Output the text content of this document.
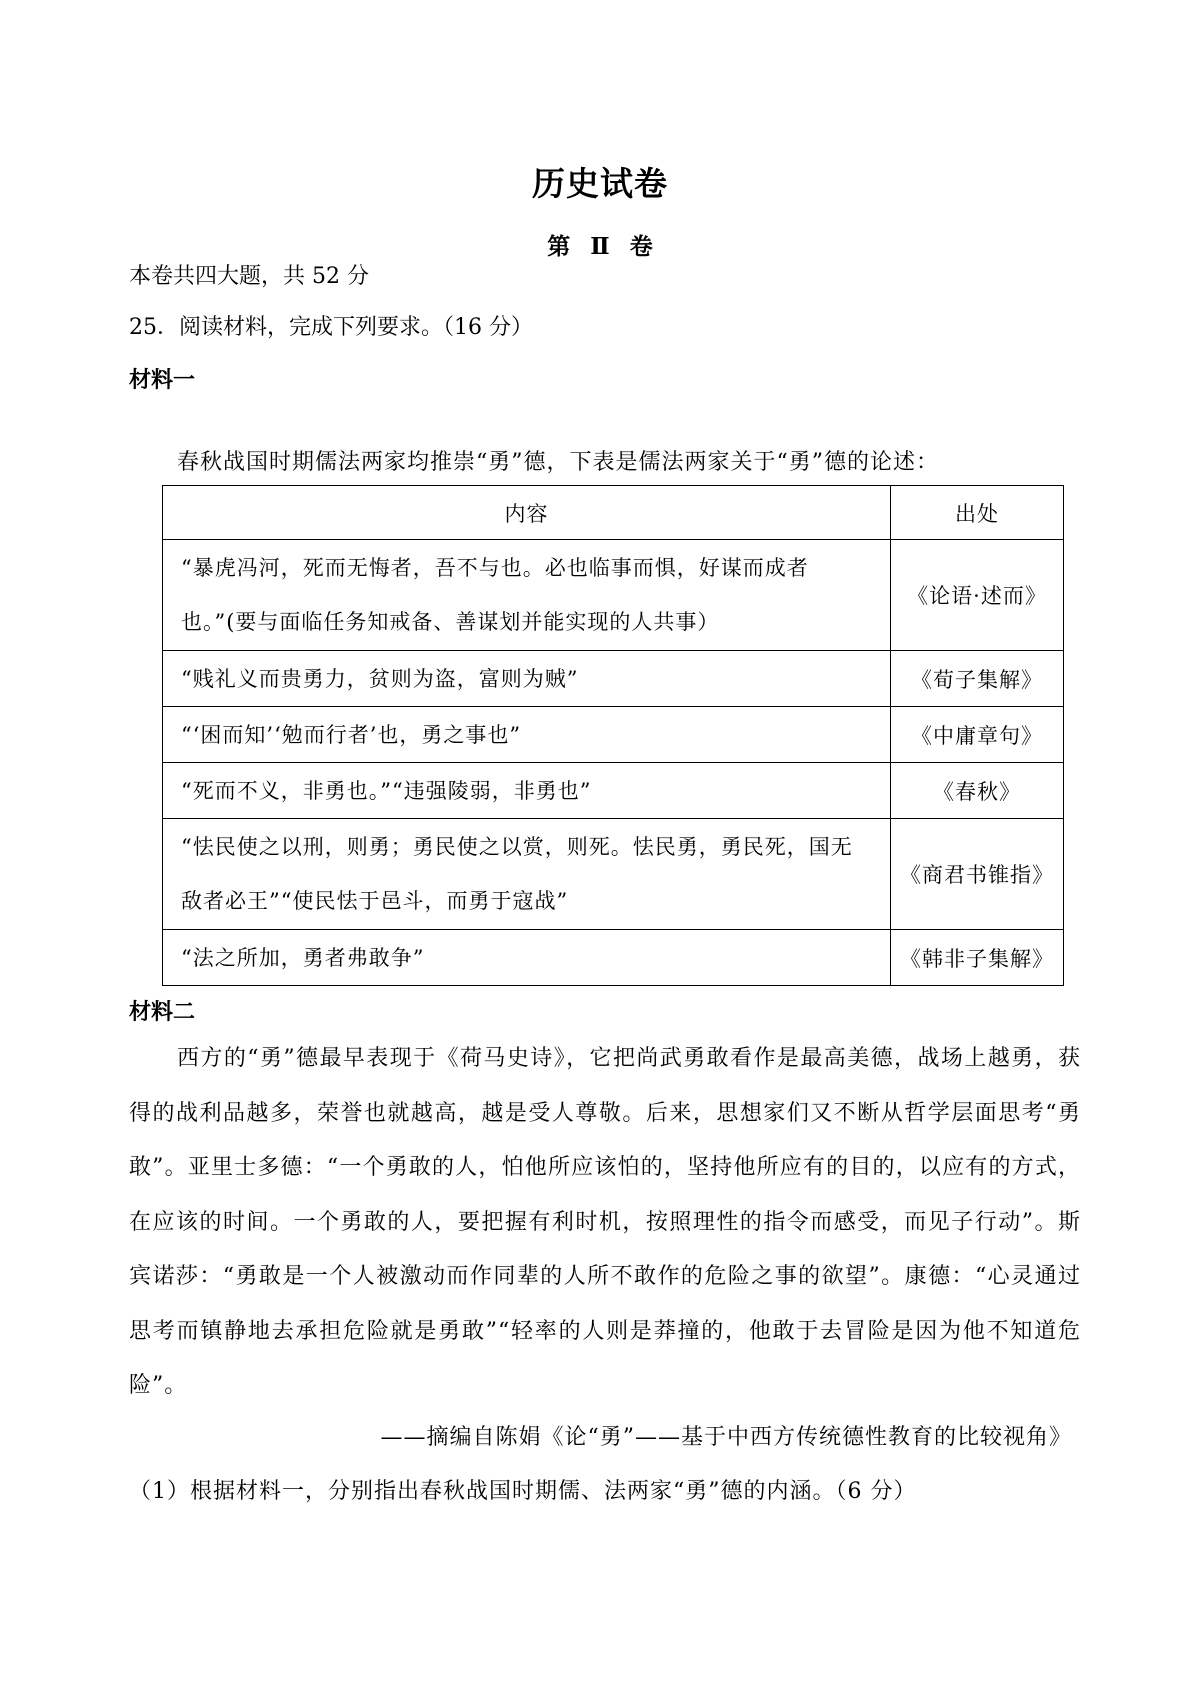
历史试卷
第 Ⅱ 卷
本卷共四大题，共 52 分
25．阅读材料，完成下列要求。（16 分）
材料一
春秋战国时期儒法两家均推崇“勇”德，下表是儒法两家关于“勇”德的论述：
内容	出处
“暴虎冯河，死而无悔者，吾不与也。必也临事而惧，好谋而成者也。”(要与面临任务知戒备、善谋划并能实现的人共事）	《论语·述而》
“贱礼义而贵勇力，贫则为盗，富则为贼”	《荀子集解》
“‘困而知’‘勉而行者’也，勇之事也”	《中庸章句》
“死而不义，非勇也。”“违强陵弱，非勇也”	《春秋》
“怯民使之以刑，则勇；勇民使之以赏，则死。怯民勇，勇民死，国无敌者必王”“使民怯于邑斗，而勇于寇战”	《商君书锥指》
“法之所加，勇者弗敢争”	《韩非子集解》
材料二
西方的“勇”德最早表现于《荷马史诗》，它把尚武勇敢看作是最高美德，战场上越勇，获得的战利品越多，荣誉也就越高，越是受人尊敬。后来，思想家们又不断从哲学层面思考“勇敢”。亚里士多德：“一个勇敢的人，怕他所应该怕的，坚持他所应有的目的，以应有的方式，在应该的时间。一个勇敢的人，要把握有利时机，按照理性的指令而感受，而见子行动”。斯宾诺莎：“勇敢是一个人被激动而作同辈的人所不敢作的危险之事的欲望”。康德：“心灵通过思考而镇静地去承担危险就是勇敢”“轻率的人则是莽撞的，他敢于去冒险是因为他不知道危险”。
——摘编自陈娟《论“勇”——基于中西方传统德性教育的比较视角》
（1）根据材料一，分别指出春秋战国时期儒、法两家“勇”德的内涵。（6 分）
